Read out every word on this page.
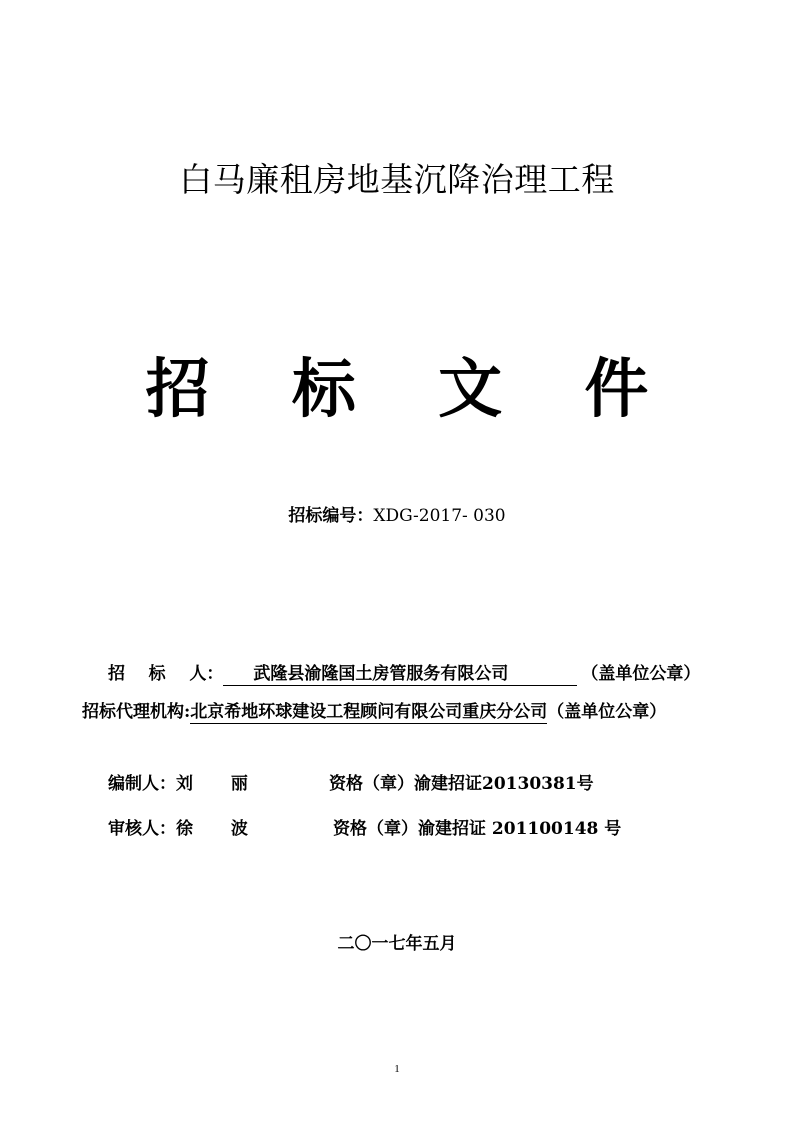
白马廉租房地基沉降治理工程
招 标 文 件
招标编号：XDG-2017- 030
招    标    人： 武隆县渝隆国土房管服务有限公司	（盖单位公章）
招标代理机构:北京希地环球建设工程顾问有限公司重庆分公司（盖单位公章）
编制人：刘 丽	资格（章）渝建招证20130381号
审核人：徐 波	资格（章）渝建招证 201100148 号
二〇一七年五月
1
